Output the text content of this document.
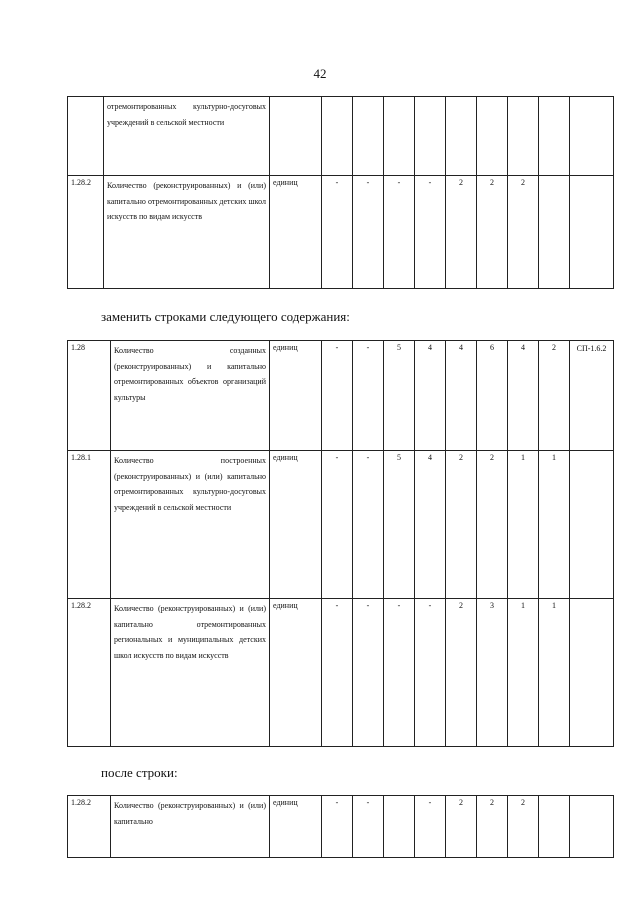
42
	отремонтированных культурно-досуговых учреждений в сельской местности										
1.28.2	Количество (реконструированных) и (или) капитально отремонтированных детских школ искусств по видам искусств	единиц	-	-	-	-	2	2	2		
заменить строками следующего содержания:
1.28	Количество созданных (реконструированных) и капитально отремонтированных объектов организаций культуры	единиц	-	-	5	4	4	6	4	2	СП-1.6.2
1.28.1	Количество построенных (реконструированных) и (или) капитально отремонтированных культурно-досуговых учреждений в сельской местности	единиц	-	-	5	4	2	2	1	1	
1.28.2	Количество (реконструированных) и (или) капитально отремонтированных региональных и муниципальных детских школ искусств по видам искусств	единиц	-	-	-	-	2	3	1	1	
после строки:
1.28.2	Количество (реконструированных) и (или) капитально	единиц	-	-		-	2	2	2		
